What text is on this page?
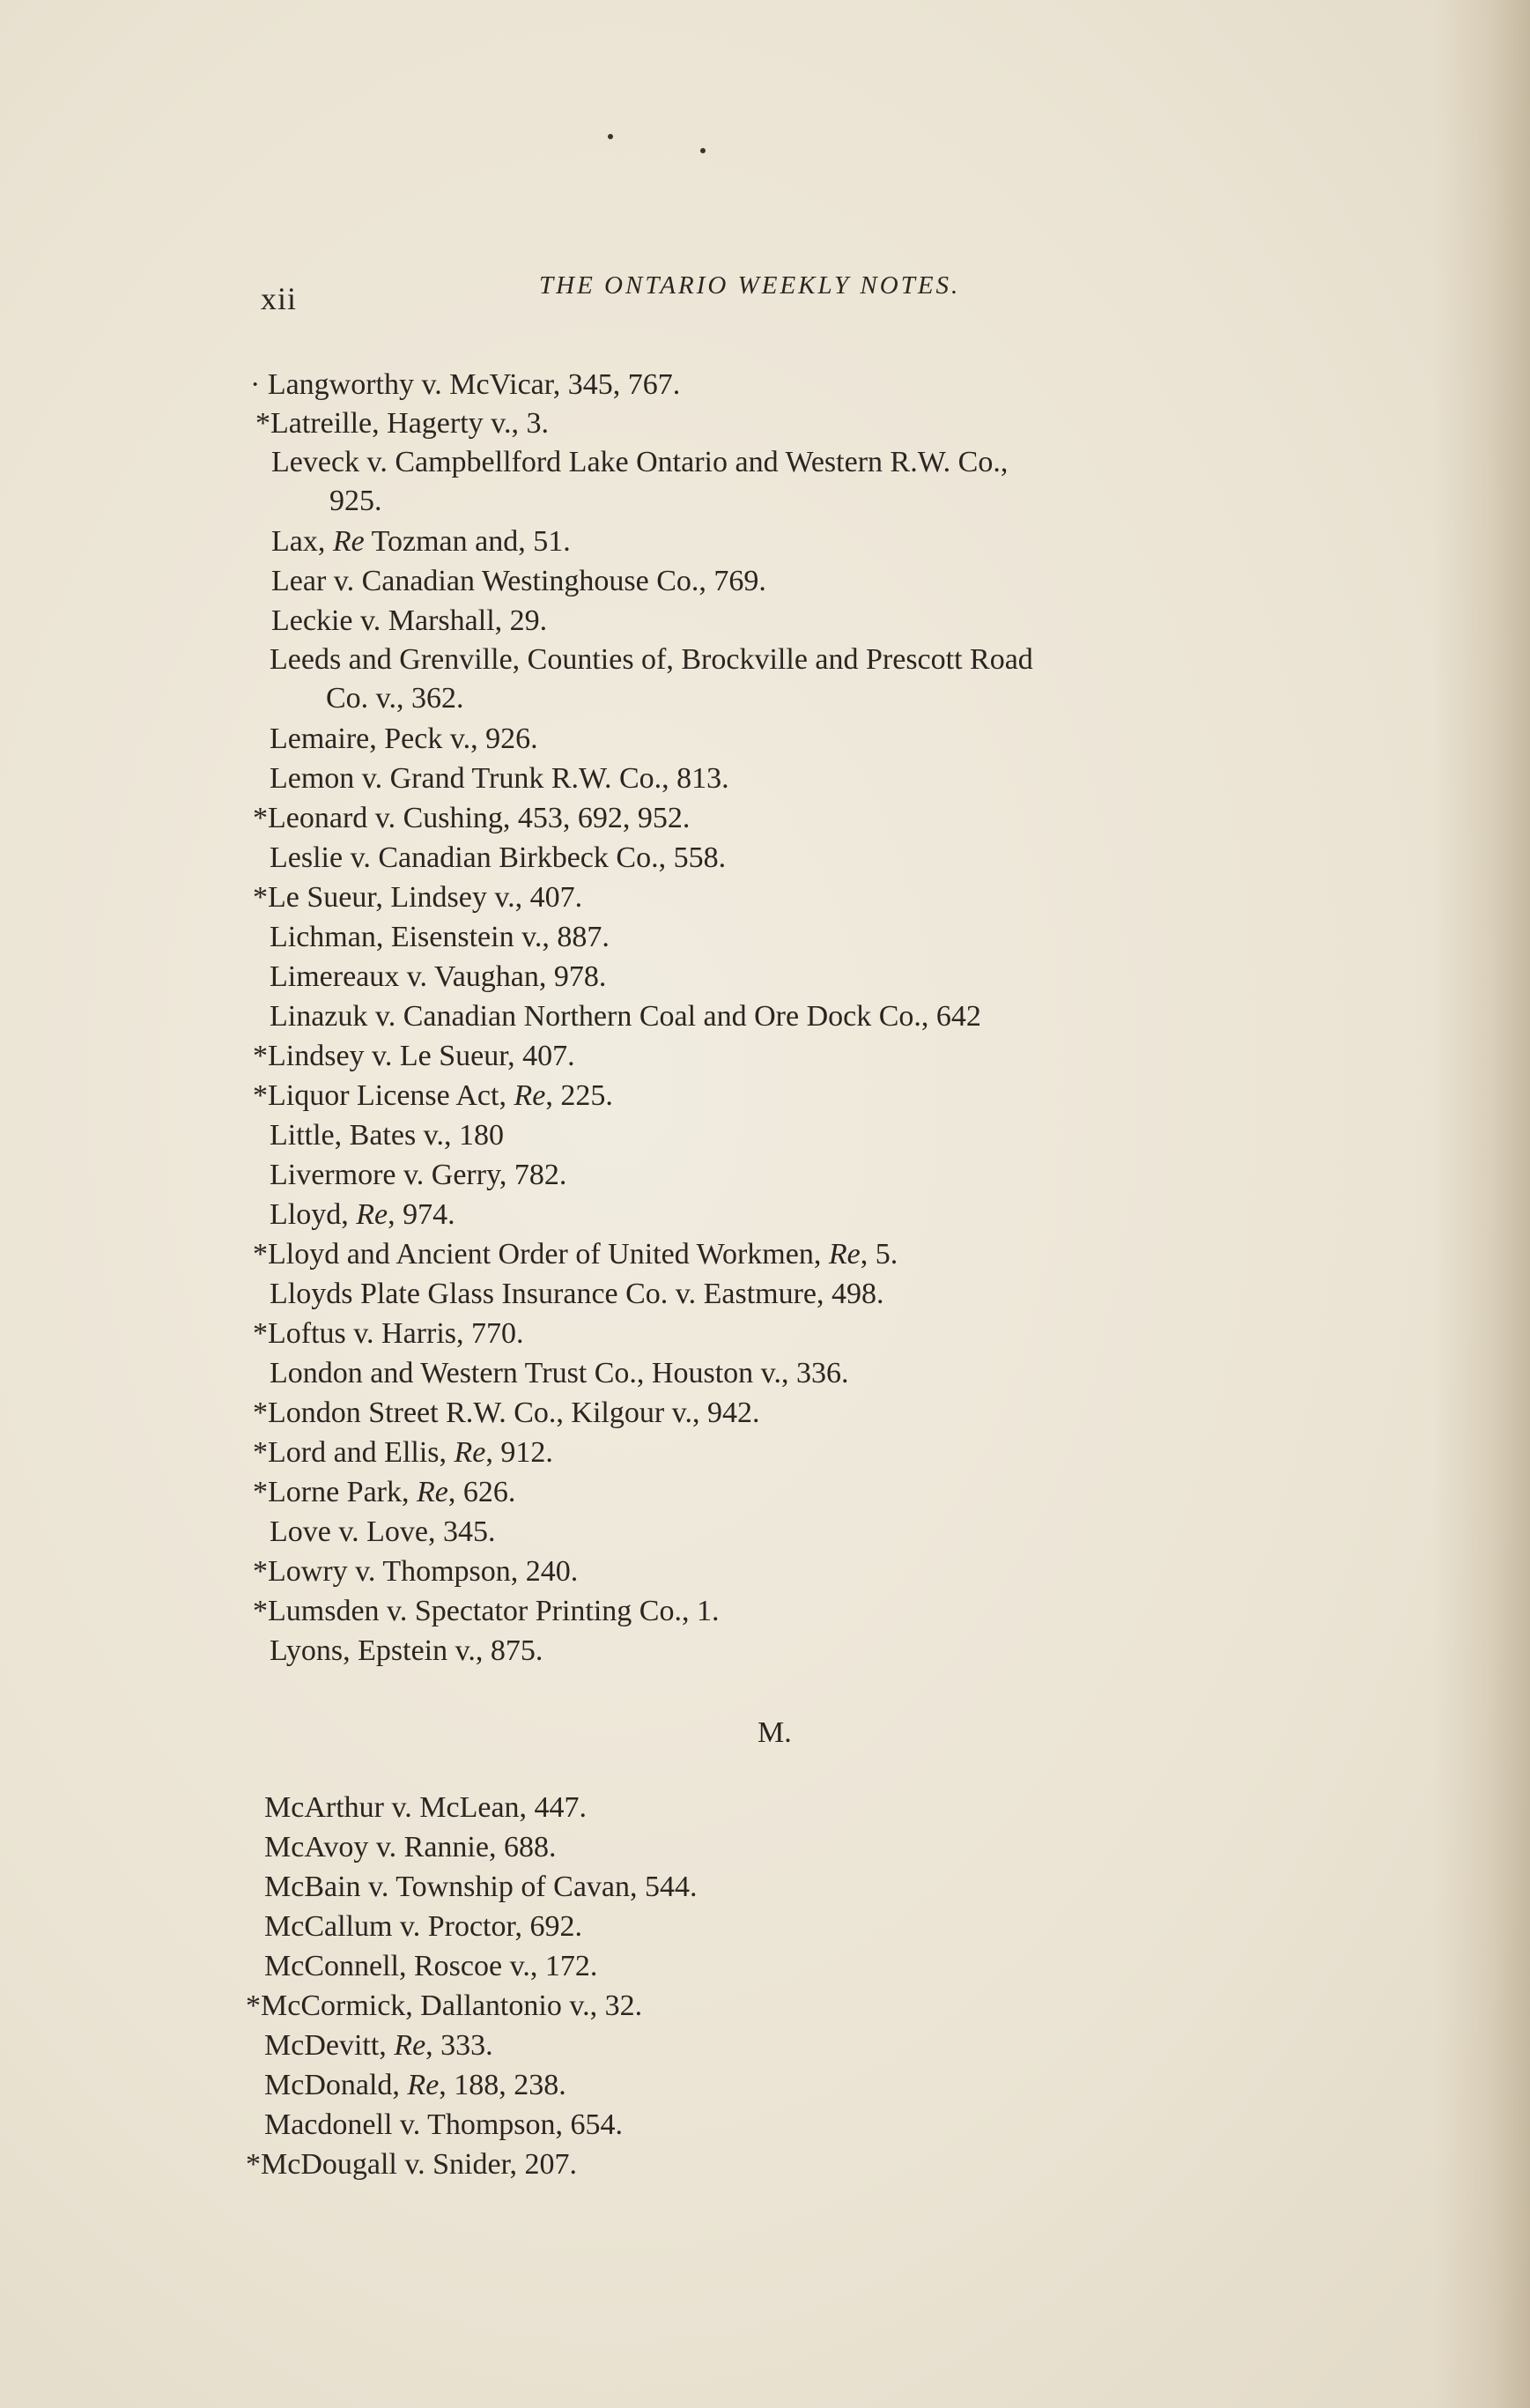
xii	THE ONTARIO WEEKLY NOTES.
· Langworthy v. McVicar, 345, 767.
*Latreille, Hagerty v., 3.
Leveck v. Campbellford Lake Ontario and Western R.W. Co.,
925.
Lax, Re Tozman and, 51.
Lear v. Canadian Westinghouse Co., 769.
Leckie v. Marshall, 29.
Leeds and Grenville, Counties of, Brockville and Prescott Road
Co. v., 362.
Lemaire, Peck v., 926.
Lemon v. Grand Trunk R.W. Co., 813.
*Leonard v. Cushing, 453, 692, 952.
Leslie v. Canadian Birkbeck Co., 558.
*Le Sueur, Lindsey v., 407.
Lichman, Eisenstein v., 887.
Limereaux v. Vaughan, 978.
Linazuk v. Canadian Northern Coal and Ore Dock Co., 642
*Lindsey v. Le Sueur, 407.
*Liquor License Act, Re, 225.
Little, Bates v., 180
Livermore v. Gerry, 782.
Lloyd, Re, 974.
*Lloyd and Ancient Order of United Workmen, Re, 5.
Lloyds Plate Glass Insurance Co. v. Eastmure, 498.
*Loftus v. Harris, 770.
London and Western Trust Co., Houston v., 336.
*London Street R.W. Co., Kilgour v., 942.
*Lord and Ellis, Re, 912.
*Lorne Park, Re, 626.
Love v. Love, 345.
*Lowry v. Thompson, 240.
*Lumsden v. Spectator Printing Co., 1.
Lyons, Epstein v., 875.
M.
McArthur v. McLean, 447.
McAvoy v. Rannie, 688.
McBain v. Township of Cavan, 544.
McCallum v. Proctor, 692.
McConnell, Roscoe v., 172.
*McCormick, Dallantonio v., 32.
McDevitt, Re, 333.
McDonald, Re, 188, 238.
Macdonell v. Thompson, 654.
*McDougall v. Snider, 207.
